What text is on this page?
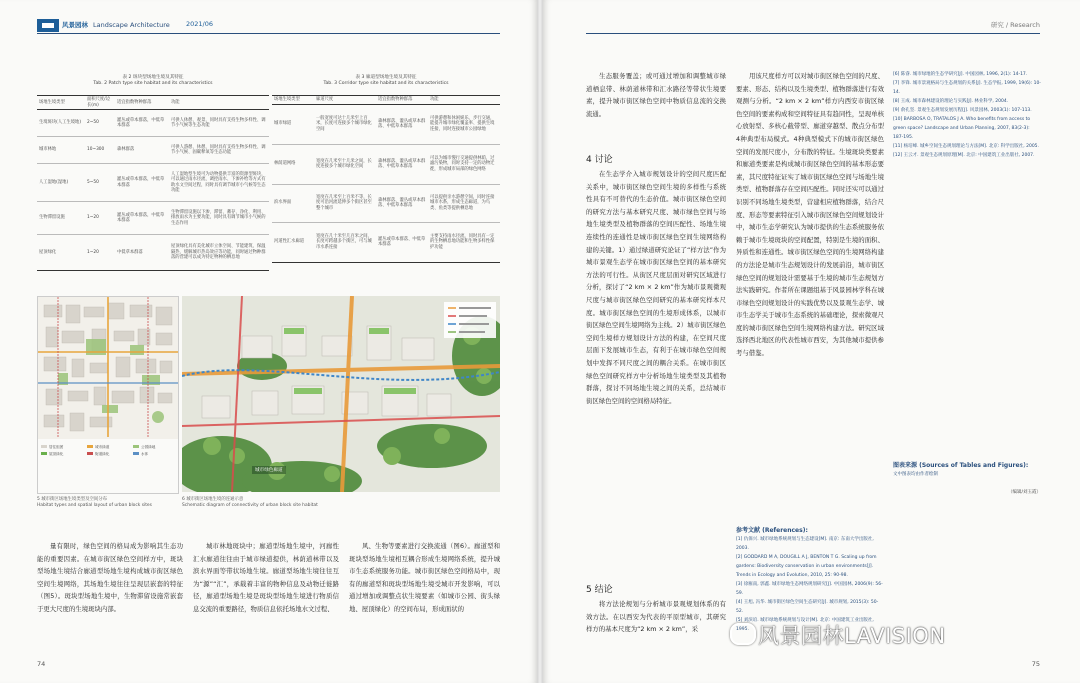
风景园林 Landscape Architecture 2021/06
表 2 斑块型场地生境及其特征
Tab. 2 Patch type site habitat and its characteristics
场地生境类型	面积尺度/边长(m)	适宜指数物种群落	功能
生境斑块(人工生境地)	2~50	灌丛或草本群落，中低草本群落	可供人休憩、观景，同时具有支持生物多样性、调节小气候等生态功能
城市林地	10~300	森林群落	可供人游憩、休憩，同时具有支持生物多样性、调节小气候、固碳释氧等生态功能
人工湿地(湿地)	5~50	灌丛或草本群落，中低草本群落	人工湿地型生境可为动物提供丰富的资源型斑块，可以通过雨水径流、调控雨水、下渗补给等方式有助水文空间过程，同时具有调节城市小气候等生态功能
生物滞留设施	1~20	灌丛或草本群落，中低草本群落	生物滞留设施以下渗、滞留、蓄存、净化、利用、排放雨水为主要功能，同时具有调节城市小气候的生态作用
屋顶绿化	1~20	中低草本群落	屋顶绿化具有美化城市立体空间、节能建筑、保温隔热、缓解城市热岛效应等功能，同时通过物种群落的营建可以成为特定物种的栖息地
表 3 廊道型场地生境及其特征
Tab. 3 Corridor type site habitat and its characteristics
场地生境类型	廊道尺度	适宜指数物种群落	功能
城市绿道	一般宽度可达十几米至上百米，长度可连接多个城市绿化空间	森林群落、灌丛或草本群落、中低草本群落	可供游憩和休闲娱乐、步行交通，能提升城市绿化覆盖率、提供生境连接，同时连接城市公园绿地
林荫道网络	宽度在几米至十几米之间，长度连接多个城市绿化空间	森林群落、灌丛或草本群落、中低草本群落	可以为城市慢行交通提供林荫，过滤污染物，同时支持一定的动物迁徙，形成城市局部的绿色网络
滨水界面	宽度在几米至上百米不等，长度可沿河流延伸多个街区甚至整个城市	森林群落、灌丛或草本群落、中低草本群落	可以提供亲水游憩空间，同时连接城市水系，形成生态廊道，为鸟类、鱼类等提供栖息地
河道性汇水廊道	宽度在几十米至几百米之间，长度可跨越多个街区，可与城市水系连接	灌丛或草本群落、中低草本群落	主要支持雨水径流，同时具有一定的生物栖息地功能和生物多样性保护功能
居住组团	城市绿道	公园绿地
屋顶绿化	街道绿化	水体
城市绿色廊道
5 城市街区场地生境类型及空间分布
Habitat types and spatial layout of urban block sites
6 城市街区场地生境的连通示意
Schematic diagram of connectivity of urban block site habitat

量有限时，绿色空间的格局成为影响其生态功能的重要因素。在城市街区绿色空间样方中，斑块型场地生境结合廊道型场地生境构成城市街区绿色空间生境网络，其场地生境往往呈现层嵌套的特征（图5）。斑块型场地生境中，生物滞留设施常嵌套于更大尺度的生境斑块内部。

城市林地斑块中；廊道型场地生境中，河廊性汇水廊道往往由于城市绿道提供，林荫道林带以及滨水界面等带状场地生境。廊道型场地生境往往互为“源”“汇”，承载着丰富的物种信息及动物迁徙路径，廊道型场地生境是斑块型场地生境进行物质信息交流的重要路径，物质信息依托场地水文过程、

风、生物等要素进行交换流通（图6）。廊道型和斑块型场地生境相互耦合形成生境网络系统，提升城市生态系统服务功能。城市街区绿色空间格局中，现有的廊道型和斑块型场地生境受城市开发影响，可以通过增加或调整点状生境要素（如城市公园、街头绿地、屋顶绿化）的空间布局，形成面状的

74
研究 / Research

生态服务覆盖；或可通过增加和调整城市绿道栖息带、林荫道林带和汇水路径等带状生境要素，提升城市街区绿色空间中物质信息流的交换流通。

4 讨论

在生态学介入城市规划设计的空间尺度匹配关系中，城市街区绿色空间生境的多样性与系统性具有不可替代的生态价值。城市街区绿色空间的研究方法与基本研究尺度、城市绿色空间与场地生境类型及植物群落的空间匹配性、场地生境连续性的连通性是城市街区绿色空间生境网络构建的关键。1）通过绿道研究论证了“样方法”作为城市景观生态学在城市街区绿色空间的基本研究方法的可行性。从街区尺度层面对研究区域进行分析，探讨了“2 km × 2 km”作为城市景观微观尺度与城市街区绿色空间研究的基本研究样本尺度。城市街区绿色空间的生境形成体系，以城市街区绿色空间生境网络为主线。2）城市街区绿色空间生境样方规划设计方法的构建，在空间尺度层面下发展城市生态，有利于在城市绿色空间规划中发挥不同尺度之间的耦合关系。在城市街区绿色空间研究样方中分析场地生境类型及其植物群落，探讨不同场地生境之间的关系，总结城市街区绿色空间的空间格局特征。

5 结论

将方法论规划与分析城市景观规划体系的有效方法。在以西安为代表的平原型城市，其研究样方的基本尺度为“2 km × 2 km”，采

用该尺度样方可以对城市街区绿色空间的尺度、要素、形态、结构以及生境类型、植物群落进行有效观测与分析。“2 km × 2 km”样方内西安市街区绿色空间的要素构成和空间特征具有趋同性，呈现单核心放射型、多核心截带型、廊道穿越型、散点分布型4种典型布局模式。4种典型模式下的城市街区绿色空间的发展尺度小，分布散的特征。生境斑块类要素和廊道类要素是构成城市街区绿色空间的基本形态要素，其尺度特征证实了城市街区绿色空间与场地生境类型、植物群落存在空间匹配性。同时还实可以通过识别不同场地生境类型，营建相应植物群落，结合尺度、形态等要素特征引入城市街区绿色空间规划设计中，城市生态学研究认为城市提供的生态系统服务依赖于城市生境斑块的空间配置，特别是生境的面积、异质性和连通性。城市街区绿色空间的生境网络构建的方法论是城市生态规划设计的发展前沿，城市街区绿色空间的规划设计需要基于生境的城市生态规划方法实践研究。作者所在课题组基于风景园林学科在城市绿色空间规划设计的实践优势以及景观生态学、城市生态学关于城市生态系统的基础理论，探索微观尺度的城市街区绿色空间生境网络构建方法。研究区域选择西北地区的代表性城市西安，为其他城市提供参考与借鉴。

参考文献 (References):
[1] 仇保兴. 城市绿地系统规划与生态建设[M]. 南京: 东南大学出版社, 2003.
[2] GODDARD M A, DOUGILL A J, BENTON T G. Scaling up from gardens: Biodiversity conservation in urban environments[J]. Trends in Ecology and Evolution, 2010, 25: 90-98.
[3] 徐雁南, 郭鑫. 城市绿地生态网络规划研究[J]. 中国园林, 2006(9): 56-59.
[4] 王旭, 冯华. 城市街区绿色空间生态研究[J]. 城市规划, 2015(3): 50-52.
[5] 刘滨谊. 城市绿地系统规划与设计[M]. 北京: 中国建筑工业出版社, 1995.
[6] 陈睿. 城市绿地的生态学研究[J]. 中国园林, 1996, 2(1): 14-17.
[7] 李锋. 城市景观格局与生态规划的关系[J]. 生态学报, 1999, 19(6): 10-14.
[8] 王成. 城市森林建设的理论与实践[J]. 林业科学, 2004.
[9] 俞孔坚. 景观生态规划发展历程[J]. 风景园林, 2003(1): 107-113.
[10] BARBOSA O, TRATALOS J A. Who benefits from access to green space? Landscape and Urban Planning, 2007, 83(2-3): 187-195.
[11] 杨培峰. 城乡空间生态规划理论与方法[M]. 北京: 科学出版社, 2005.
[12] 王云才. 景观生态规划原理[M]. 北京: 中国建筑工业出版社, 2007.
图表来源 (Sources of Tables and Figures):
文中图表均由作者绘制
（编辑/刘玉霞）
75
风景园林LAVISION
